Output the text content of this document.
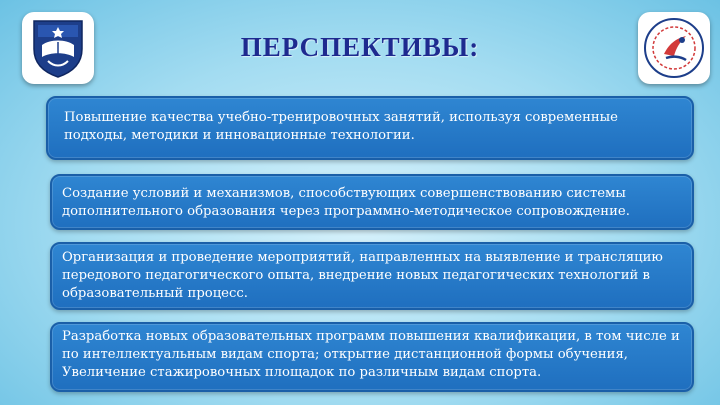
ПЕРСПЕКТИВЫ:

Повышение качества учебно-тренировочных занятий, используя современные подходы, методики и инновационные технологии.

Создание условий и механизмов, способствующих совершенствованию системы дополнительного образования через программно-методическое сопровождение.

Организация и проведение мероприятий, направленных на выявление и трансляцию передового педагогического опыта, внедрение новых педагогических технологий в образовательный процесс.

Разработка новых образовательных программ повышения квалификации, в том числе и по интеллектуальным видам спорта; открытие дистанционной формы обучения, Увеличение стажировочных площадок по различным видам спорта.
